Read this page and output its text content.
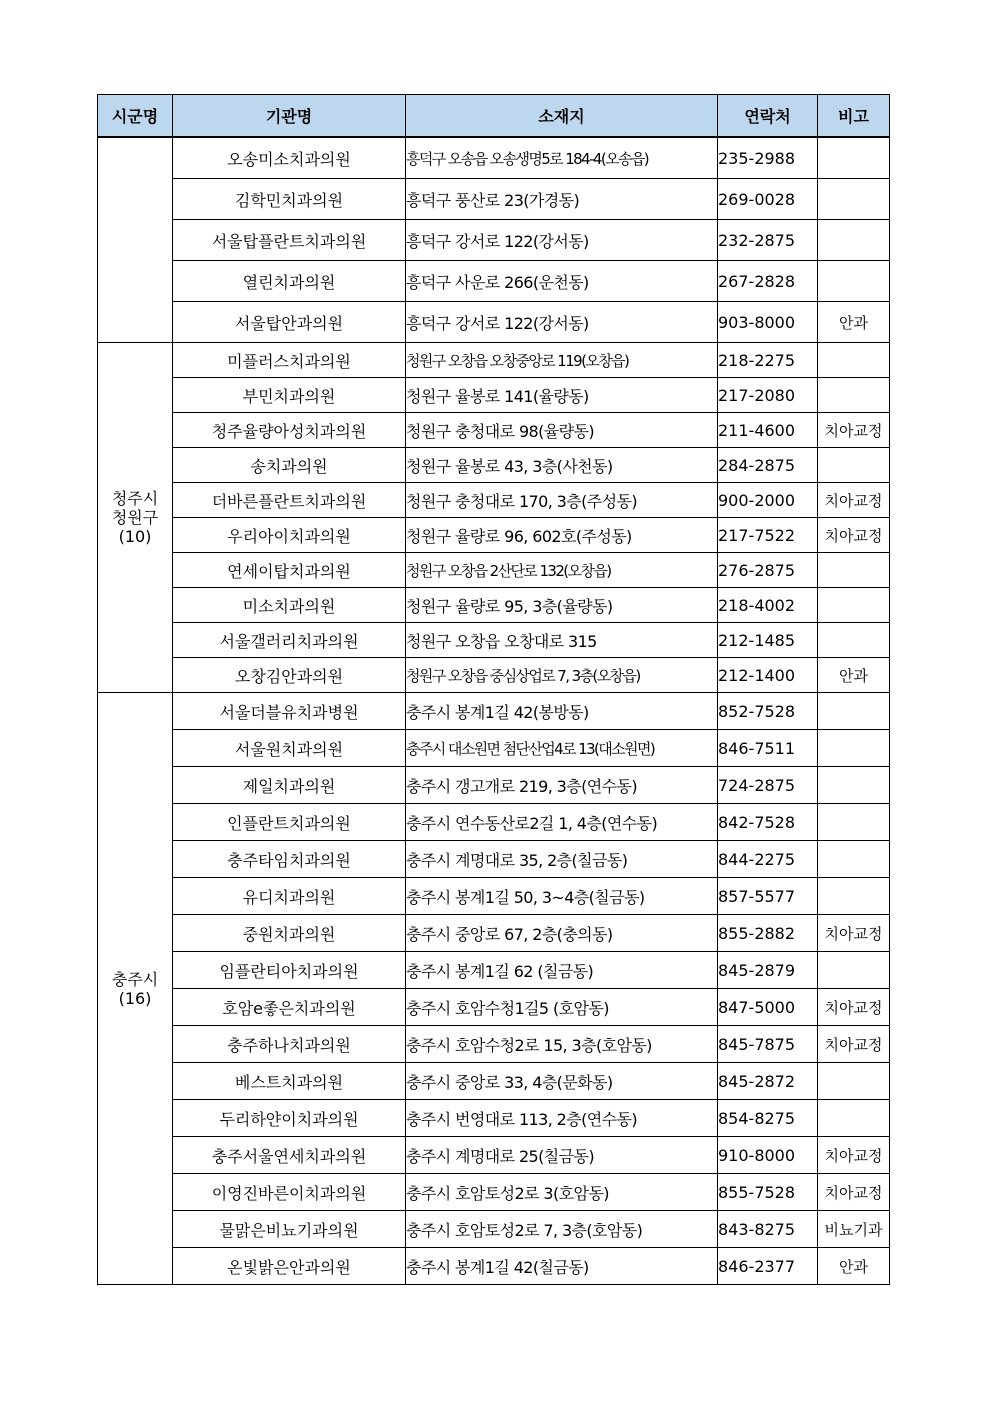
시군명	기관명	소재지	연락처	비고
	오송미소치과의원	흥덕구 오송읍 오송생명5로 184-4(오송읍)	235-2988	
	김학민치과의원	흥덕구 풍산로 23(가경동)	269-0028	
	서울탑플란트치과의원	흥덕구 강서로 122(강서동)	232-2875	
	열린치과의원	흥덕구 사운로 266(운천동)	267-2828	
	서울탑안과의원	흥덕구 강서로 122(강서동)	903-8000	안과

청주시
청원구
(10)	미플러스치과의원	청원구 오창읍 오창중앙로 119(오창읍)	218-2275	
	부민치과의원	청원구 율봉로 141(율량동)	217-2080	
	청주율량아성치과의원	청원구 충청대로 98(율량동)	211-4600	치아교정
	송치과의원	청원구 율봉로 43, 3층(사천동)	284-2875	
	더바른플란트치과의원	청원구 충청대로 170, 3층(주성동)	900-2000	치아교정
	우리아이치과의원	청원구 율량로 96, 602호(주성동)	217-7522	치아교정
	연세이탑치과의원	청원구 오창읍 2산단로 132(오창읍)	276-2875	
	미소치과의원	청원구 율량로 95, 3층(율량동)	218-4002	
	서울갤러리치과의원	청원구 오창읍 오창대로 315	212-1485	
	오창김안과의원	청원구 오창읍 중심상업로 7, 3층(오창읍)	212-1400	안과

충주시
(16)	서울더블유치과병원	충주시 봉계1길 42(봉방동)	852-7528	
	서울원치과의원	충주시 대소원면 첨단산업4로 13(대소원면)	846-7511	
	제일치과의원	충주시 갱고개로 219, 3층(연수동)	724-2875	
	인플란트치과의원	충주시 연수동산로2길 1, 4층(연수동)	842-7528	
	충주타임치과의원	충주시 계명대로 35, 2층(칠금동)	844-2275	
	유디치과의원	충주시 봉계1길 50, 3~4층(칠금동)	857-5577	
	중원치과의원	충주시 중앙로 67, 2층(충의동)	855-2882	치아교정
	임플란티아치과의원	충주시 봉계1길 62 (칠금동)	845-2879	
	호암e좋은치과의원	충주시 호암수청1길5 (호암동)	847-5000	치아교정
	충주하나치과의원	충주시 호암수청2로 15, 3층(호암동)	845-7875	치아교정
	베스트치과의원	충주시 중앙로 33, 4층(문화동)	845-2872	
	두리하얀이치과의원	충주시 번영대로 113, 2층(연수동)	854-8275	
	충주서울연세치과의원	충주시 계명대로 25(칠금동)	910-8000	치아교정
	이영진바른이치과의원	충주시 호암토성2로 3(호암동)	855-7528	치아교정
	물맑은비뇨기과의원	충주시 호암토성2로 7, 3층(호암동)	843-8275	비뇨기과
	온빛밝은안과의원	충주시 봉계1길 42(칠금동)	846-2377	안과
